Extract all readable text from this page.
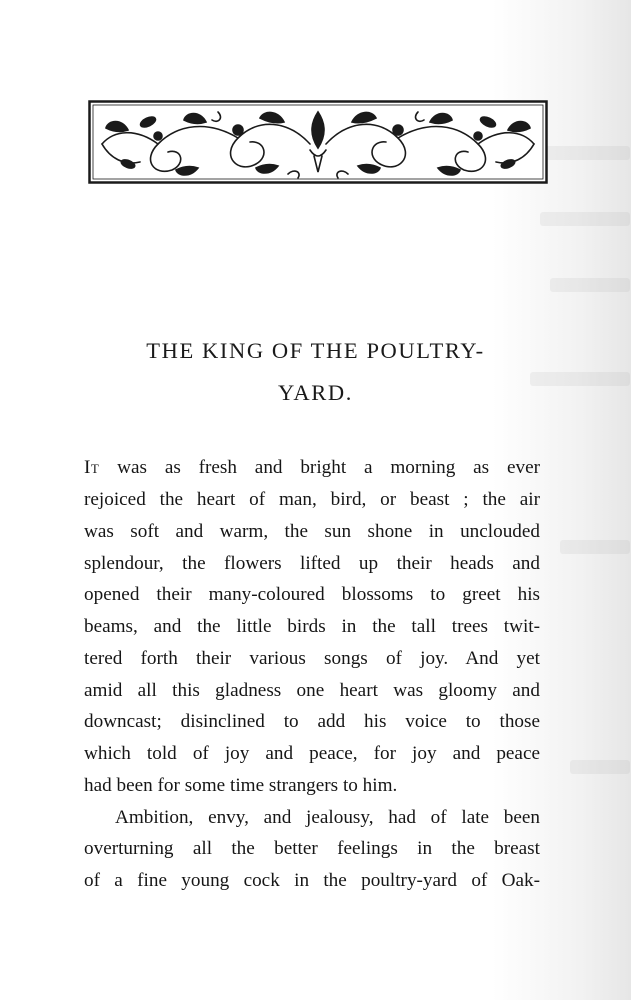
THE KING OF THE POULTRY-
YARD.
It was as fresh and bright a morning as ever
rejoiced the heart of man, bird, or beast ; the air
was soft and warm, the sun shone in unclouded
splendour, the flowers lifted up their heads and
opened their many-coloured blossoms to greet his
beams, and the little birds in the tall trees twit-
tered forth their various songs of joy. And yet
amid all this gladness one heart was gloomy and
downcast; disinclined to add his voice to those
which told of joy and peace, for joy and peace
had been for some time strangers to him.
Ambition, envy, and jealousy, had of late been
overturning all the better feelings in the breast
of a fine young cock in the poultry-yard of Oak-
